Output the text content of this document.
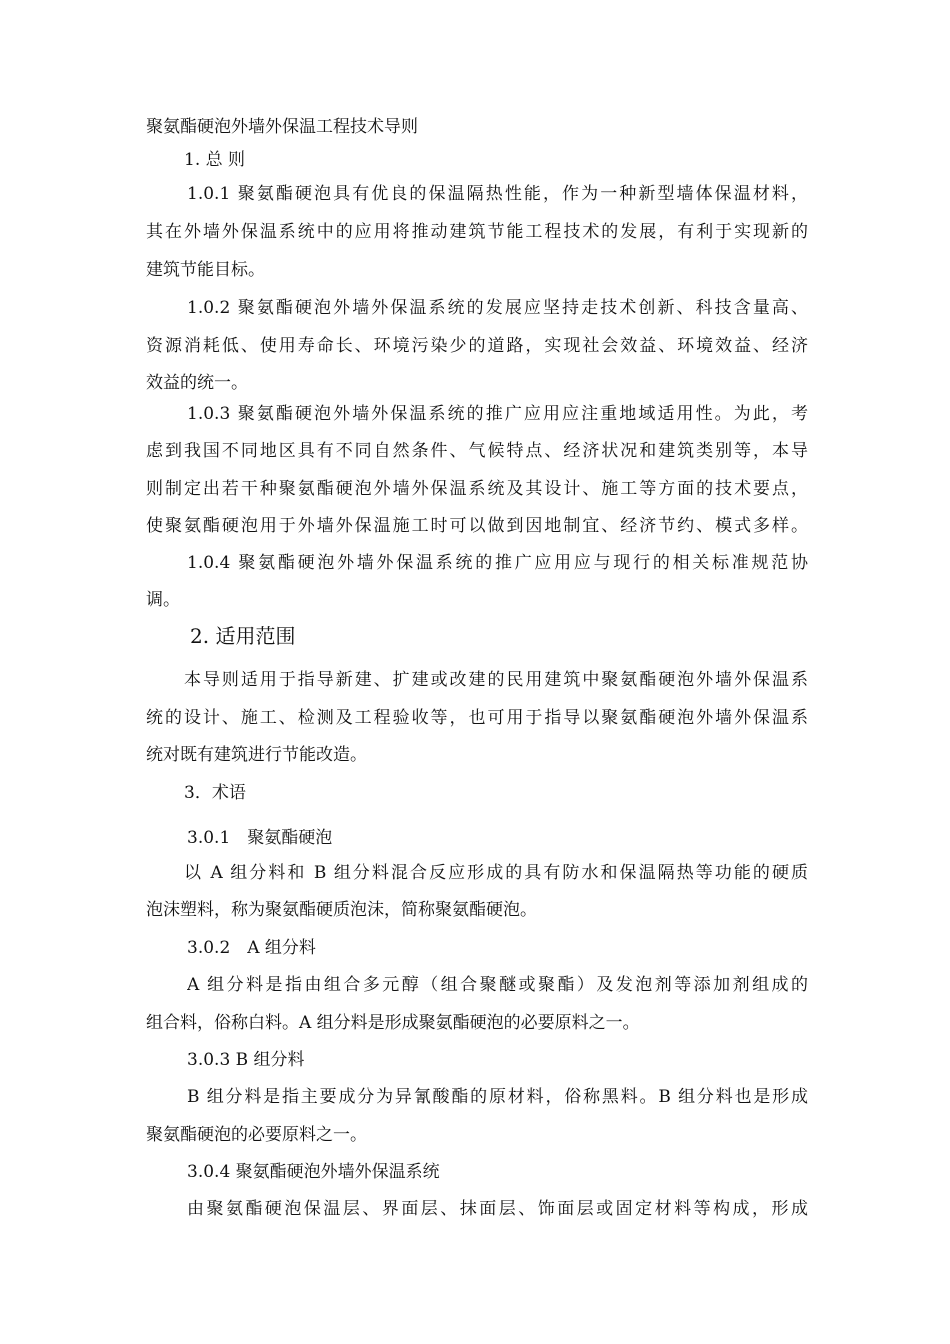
聚氨酯硬泡外墙外保温工程技术导则
1. 总 则
1.0.1 聚氨酯硬泡具有优良的保温隔热性能，作为一种新型墙体保温材料，
其在外墙外保温系统中的应用将推动建筑节能工程技术的发展，有利于实现新的
建筑节能目标。
1.0.2 聚氨酯硬泡外墙外保温系统的发展应坚持走技术创新、科技含量高、
资源消耗低、使用寿命长、环境污染少的道路，实现社会效益、环境效益、经济
效益的统一。
1.0.3 聚氨酯硬泡外墙外保温系统的推广应用应注重地域适用性。为此，考
虑到我国不同地区具有不同自然条件、气候特点、经济状况和建筑类别等，本导
则制定出若干种聚氨酯硬泡外墙外保温系统及其设计、施工等方面的技术要点，
使聚氨酯硬泡用于外墙外保温施工时可以做到因地制宜、经济节约、模式多样。
1.0.4 聚氨酯硬泡外墙外保温系统的推广应用应与现行的相关标准规范协
调。
2. 适用范围
本导则适用于指导新建、扩建或改建的民用建筑中聚氨酯硬泡外墙外保温系
统的设计、施工、检测及工程验收等，也可用于指导以聚氨酯硬泡外墙外保温系
统对既有建筑进行节能改造。
3．术语
3.0.1　聚氨酯硬泡
以 A 组分料和 B 组分料混合反应形成的具有防水和保温隔热等功能的硬质
泡沫塑料，称为聚氨酯硬质泡沫，简称聚氨酯硬泡。
3.0.2　A 组分料
A 组分料是指由组合多元醇（组合聚醚或聚酯）及发泡剂等添加剂组成的
组合料，俗称白料。A 组分料是形成聚氨酯硬泡的必要原料之一。
3.0.3 B 组分料
B 组分料是指主要成分为异氰酸酯的原材料，俗称黑料。B 组分料也是形成
聚氨酯硬泡的必要原料之一。
3.0.4 聚氨酯硬泡外墙外保温系统
由聚氨酯硬泡保温层、界面层、抹面层、饰面层或固定材料等构成，形成
